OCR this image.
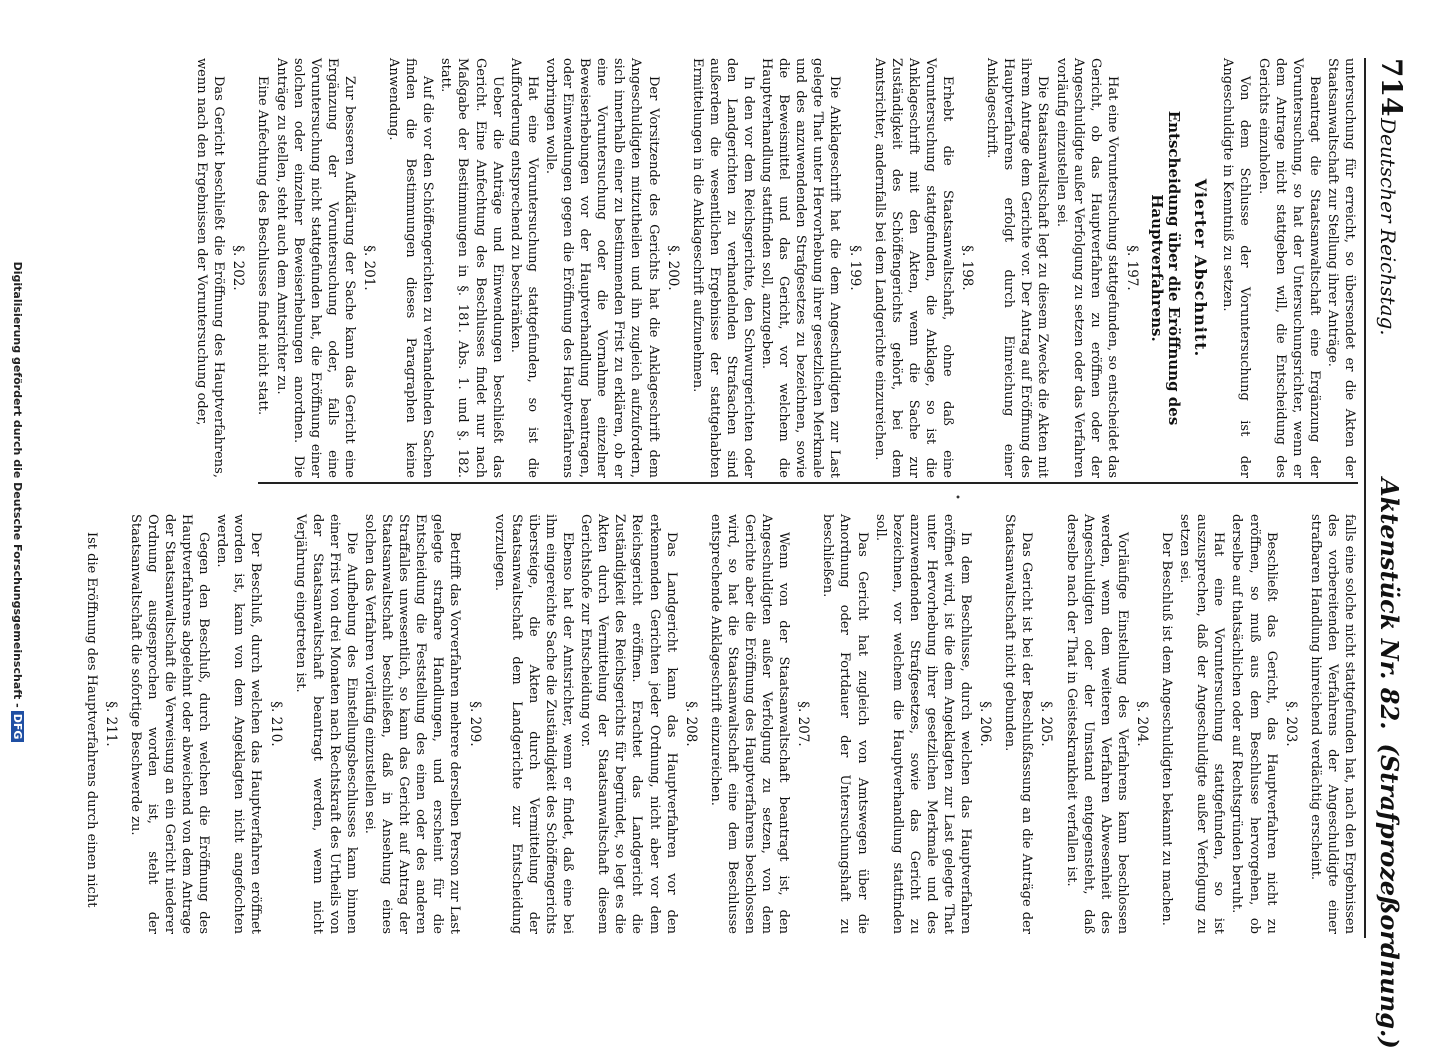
714
Deutscher Reichstag.
Aktenstück Nr. 82.(Strafprozeßordnung.)

untersuchung für erreicht, so übersendet er die Akten der Staatsanwaltschaft zur Stellung ihrer Anträge.

Beantragt die Staatsanwaltschaft eine Ergänzung der Voruntersuchung, so hat der Untersuchungsrichter, wenn er dem Antrage nicht stattgeben will, die Entscheidung des Gerichts einzuholen.

Von dem Schlusse der Voruntersuchung ist der Angeschuldigte in Kenntniß zu setzen.

Vierter Abschnitt.
Entscheidung über die Eröffnung des Hauptverfahrens.
§. 197.

Hat eine Voruntersuchung stattgefunden, so entscheidet das Gericht, ob das Hauptverfahren zu eröffnen oder der Angeschuldigte außer Verfolgung zu setzen oder das Verfahren vorläufig einzustellen sei.

Die Staatsanwaltschaft legt zu diesem Zwecke die Akten mit ihrem Antrage dem Gerichte vor. Der Antrag auf Eröffnung des Hauptverfahrens erfolgt durch Einreichung einer Anklageschrift.

§. 198.

Erhebt die Staatsanwaltschaft, ohne daß eine Voruntersuchung stattgefunden, die Anklage, so ist die Anklageschrift mit den Akten, wenn die Sache zur Zuständigkeit des Schöffengerichts gehört, bei dem Amtsrichter, andernfalls bei dem Landgerichte einzureichen.

§. 199.

Die Anklageschrift hat die dem Angeschuldigten zur Last gelegte That unter Hervorhebung ihrer gesetzlichen Merkmale und des anzuwendenden Strafgesetzes zu bezeichnen, sowie die Beweismittel und das Gericht, vor welchem die Hauptverhandlung stattfinden soll, anzugeben.

In den vor dem Reichsgerichte, den Schwurgerichten oder den Landgerichten zu verhandelnden Strafsachen sind außerdem die wesentlichen Ergebnisse der stattgehabten Ermittelungen in die Anklageschrift aufzunehmen.

§. 200.

Der Vorsitzende des Gerichts hat die Anklageschrift dem Angeschuldigten mitzutheilen und ihn zugleich aufzufordern, sich innerhalb einer zu bestimmenden Frist zu erklären, ob er eine Voruntersuchung oder die Vornahme einzelner Beweiserhebungen vor der Hauptverhandlung beantragen, oder Einwendungen gegen die Eröffnung des Hauptverfahrens vorbringen wolle.

Hat eine Voruntersuchung stattgefunden, so ist die Aufforderung entsprechend zu beschränken.

Ueber die Anträge und Einwendungen beschließt das Gericht. Eine Anfechtung des Beschlusses findet nur nach Maßgabe der Bestimmungen in §. 181. Abs. 1. und §. 182. statt.

Auf die vor den Schöffengerichten zu verhandelnden Sachen finden die Bestimmungen dieses Paragraphen keine Anwendung.

§. 201.

Zur besseren Aufklärung der Sache kann das Gericht eine Ergänzung der Voruntersuchung oder, falls eine Voruntersuchung nicht stattgefunden hat, die Eröffnung einer solchen oder einzelner Beweiserhebungen anordnen. Die Anträge zu stellen, steht auch dem Amtsrichter zu.

Eine Anfechtung des Beschlusses findet nicht statt.

§. 202.

Das Gericht beschließt die Eröffnung des Hauptverfahrens, wenn nach den Ergebnissen der Voruntersuchung oder,

falls eine solche nicht stattgefunden hat, nach den Ergebnissen des vorbereitenden Verfahrens der Angeschuldigte einer strafbaren Handlung hinreichend verdächtig erscheint.

§. 203.

Beschließt das Gericht, das Hauptverfahren nicht zu eröffnen, so muß aus dem Beschlusse hervorgehen, ob derselbe auf thatsächlichen oder auf Rechtsgründen beruht.

Hat eine Voruntersuchung stattgefunden, so ist auszusprechen, daß der Angeschuldigte außer Verfolgung zu setzen sei.

Der Beschluß ist dem Angeschuldigten bekannt zu machen.

§. 204.

Vorläufige Einstellung des Verfahrens kann beschlossen werden, wenn dem weiteren Verfahren Abwesenheit des Angeschuldigten oder der Umstand entgegensteht, daß derselbe nach der That in Geisteskrankheit verfallen ist.

§. 205.

Das Gericht ist bei der Beschlußfassung an die Anträge der Staatsanwaltschaft nicht gebunden.

§. 206.

In dem Beschlusse, durch welchen das Hauptverfahren eröffnet wird, ist die dem Angeklagten zur Last gelegte That unter Hervorhebung ihrer gesetzlichen Merkmale und des anzuwendenden Strafgesetzes, sowie das Gericht zu bezeichnen, vor welchem die Hauptverhandlung stattfinden soll.

Das Gericht hat zugleich von Amtswegen über die Anordnung oder Fortdauer der Untersuchungshaft zu beschließen.

§. 207.

Wenn von der Staatsanwaltschaft beantragt ist, den Angeschuldigten außer Verfolgung zu setzen, von dem Gerichte aber die Eröffnung des Hauptverfahrens beschlossen wird, so hat die Staatsanwaltschaft eine dem Beschlusse entsprechende Anklageschrift einzureichen.

§. 208.

Das Landgericht kann das Hauptverfahren vor den erkennenden Gerichten jeder Ordnung, nicht aber vor dem Reichsgericht eröffnen. Erachtet das Landgericht die Zuständigkeit des Reichsgerichts für begründet, so legt es die Akten durch Vermittelung der Staatsanwaltschaft diesem Gerichtshofe zur Entscheidung vor.

Ebenso hat der Amtsrichter, wenn er findet, daß eine bei ihm eingereichte Sache die Zuständigkeit des Schöffengerichts übersteige, die Akten durch Vermittelung der Staatsanwaltschaft dem Landgerichte zur Entscheidung vorzulegen.

§. 209.

Betrifft das Vorverfahren mehrere derselben Person zur Last gelegte strafbare Handlungen, und erscheint für die Entscheidung die Feststellung des einen oder des anderen Straffalles unwesentlich, so kann das Gericht auf Antrag der Staatsanwaltschaft beschließen, daß in Ansehung eines solchen das Verfahren vorläufig einzustellen sei.

Die Aufhebung des Einstellungsbeschlusses kann binnen einer Frist von drei Monaten nach Rechtskraft des Urtheils von der Staatsanwaltschaft beantragt werden, wenn nicht Verjährung eingetreten ist.

§. 210.

Der Beschluß, durch welchen das Hauptverfahren eröffnet worden ist, kann von dem Angeklagten nicht angefochten werden.

Gegen den Beschluß, durch welchen die Eröffnung des Hauptverfahrens abgelehnt oder abweichend von dem Antrage der Staatsanwaltschaft die Verweisung an ein Gericht niederer Ordnung ausgesprochen worden ist, steht der Staatsanwaltschaft die sofortige Beschwerde zu.

§. 211.

Ist die Eröffnung des Hauptverfahrens durch einen nicht

•
Digitalisierung gefördert durch die Deutsche Forschungsgemeinschaft -DFG
